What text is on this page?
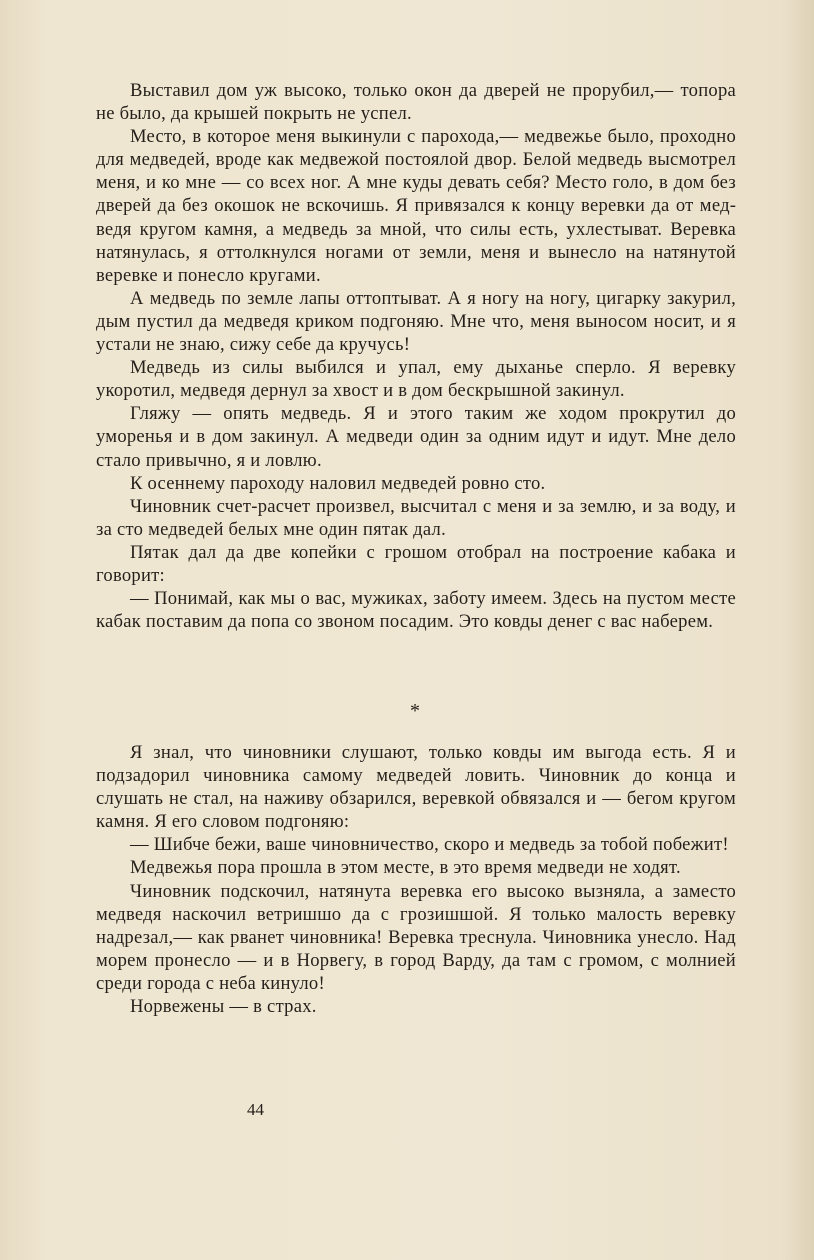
Выставил дом уж высоко, только окон да дверей не прорубил,— топора не было, да крышей покрыть не успел.

Место, в которое меня выкинули с парохода,— медвежье было, проходно для медведей, вроде как медвежой постоялой двор. Белой медведь высмотрел меня, и ко мне — со всех ног. А мне куды девать себя? Место голо, в дом без дверей да без окошок не вскочишь. Я привязался к концу веревки да от медведя кругом камня, а медведь за мной, что силы есть, ухлестыват. Веревка натянулась, я оттолкнулся ногами от земли, меня и вынесло на натянутой веревке и понесло кругами.

А медведь по земле лапы оттоптыват. А я ногу на ногу, цигарку закурил, дым пустил да медведя криком подгоняю. Мне что, меня выносом носит, и я устали не знаю, сижу себе да кручусь!

Медведь из силы выбился и упал, ему дыханье сперло. Я веревку укоротил, медведя дернул за хвост и в дом бескрышной закинул.

Гляжу — опять медведь. Я и этого таким же ходом прокрутил до уморенья и в дом закинул. А медведи один за одним идут и идут. Мне дело стало привычно, я и ловлю.

К осеннему пароходу наловил медведей ровно сто.

Чиновник счет-расчет произвел, высчитал с меня и за землю, и за воду, и за сто медведей белых мне один пятак дал.

Пятак дал да две копейки с грошом отобрал на построение кабака и говорит:

— Понимай, как мы о вас, мужиках, заботу имеем. Здесь на пустом месте кабак поставим да попа со звоном посадим. Это ковды денег с вас наберем.

*

Я знал, что чиновники слушают, только ковды им выгода есть. Я и подзадорил чиновника самому медведей ловить. Чиновник до конца и слушать не стал, на наживу обзарился, веревкой обвязался и — бегом кругом камня. Я его словом подгоняю:

— Шибче бежи, ваше чиновничество, скоро и медведь за тобой побежит!

Медвежья пора прошла в этом месте, в это время медведи не ходят.

Чиновник подскочил, натянута веревка его высоко вызняла, а заместо медведя наскочил ветришшо да с грозишшой. Я только малость веревку надрезал,— как рванет чиновника! Веревка треснула. Чиновника унесло. Над морем пронесло — и в Норвегу, в город Варду, да там с громом, с молнией среди города с неба кинуло!

Норвежены — в страх.

44
